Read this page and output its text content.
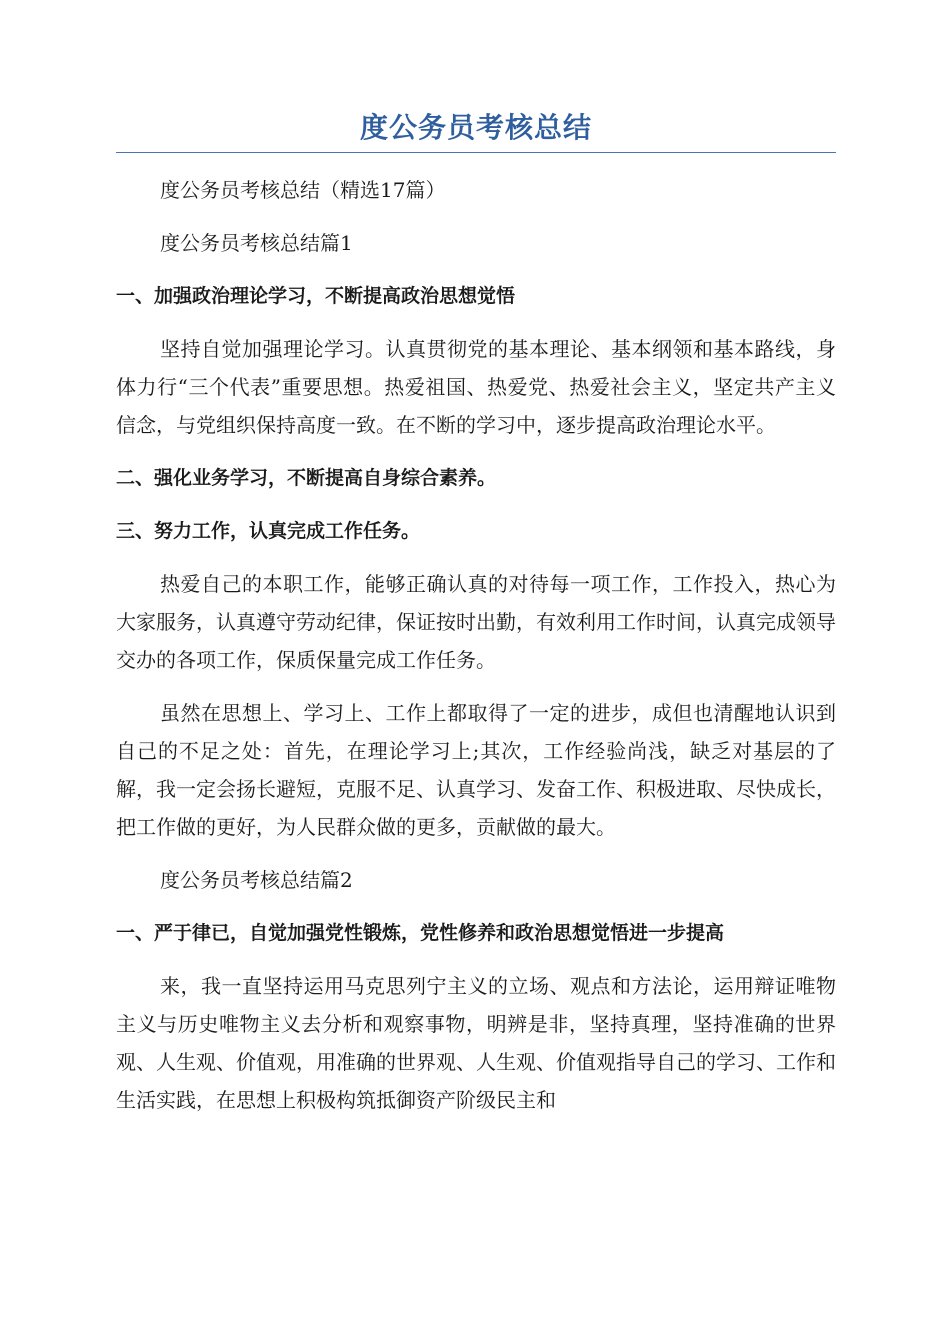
度公务员考核总结

度公务员考核总结（精选17篇）

度公务员考核总结篇1

一、加强政治理论学习，不断提高政治思想觉悟

坚持自觉加强理论学习。认真贯彻党的基本理论、基本纲领和基本路线，身体力行“三个代表”重要思想。热爱祖国、热爱党、热爱社会主义，坚定共产主义信念，与党组织保持高度一致。在不断的学习中，逐步提高政治理论水平。

二、强化业务学习，不断提高自身综合素养。

三、努力工作，认真完成工作任务。

热爱自己的本职工作，能够正确认真的对待每一项工作，工作投入，热心为大家服务，认真遵守劳动纪律，保证按时出勤，有效利用工作时间，认真完成领导交办的各项工作，保质保量完成工作任务。

虽然在思想上、学习上、工作上都取得了一定的进步，成但也清醒地认识到自己的不足之处：首先，在理论学习上;其次，工作经验尚浅，缺乏对基层的了解，我一定会扬长避短，克服不足、认真学习、发奋工作、积极进取、尽快成长，把工作做的更好，为人民群众做的更多，贡献做的最大。

度公务员考核总结篇2

一、严于律已，自觉加强党性锻炼，党性修养和政治思想觉悟进一步提高

来，我一直坚持运用马克思列宁主义的立场、观点和方法论，运用辩证唯物主义与历史唯物主义去分析和观察事物，明辨是非，坚持真理，坚持准确的世界观、人生观、价值观，用准确的世界观、人生观、价值观指导自己的学习、工作和生活实践，在思想上积极构筑抵御资产阶级民主和
